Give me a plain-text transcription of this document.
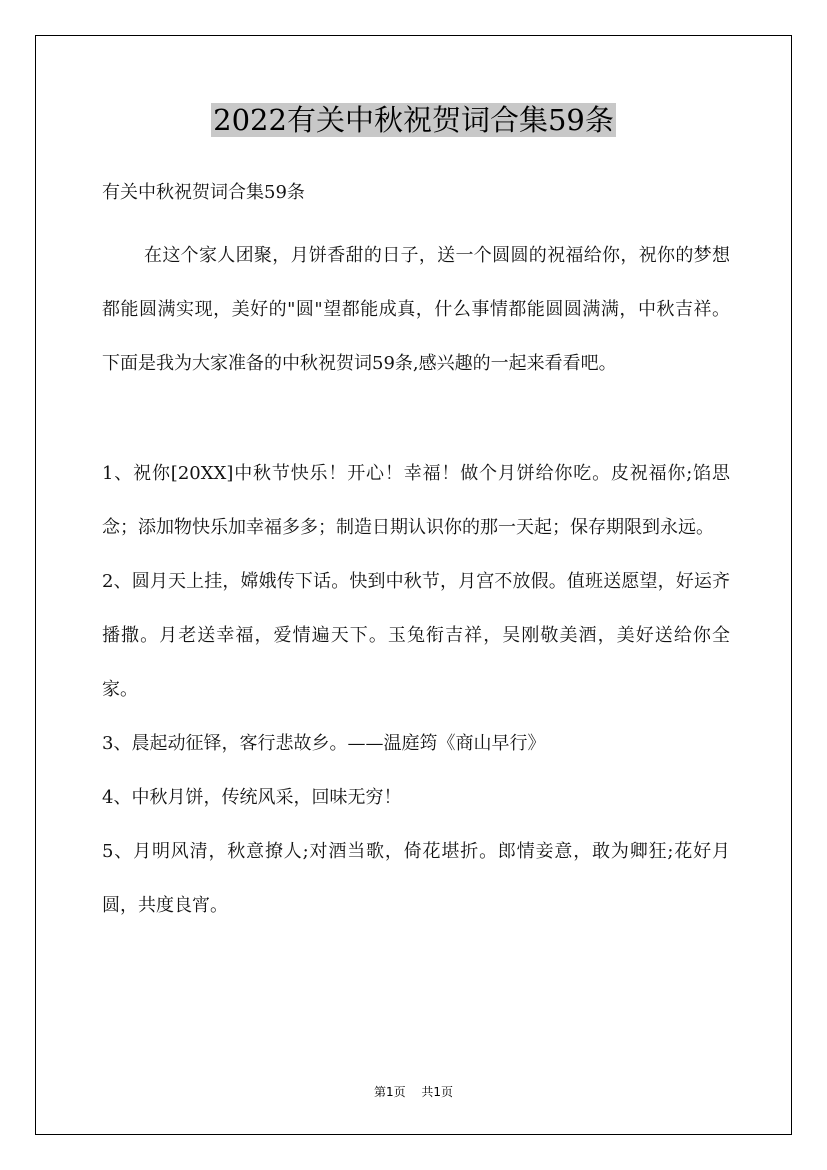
2022有关中秋祝贺词合集59条

有关中秋祝贺词合集59条

在这个家人团聚，月饼香甜的日子，送一个圆圆的祝福给你，祝你的梦想都能圆满实现，美好的"圆"望都能成真，什么事情都能圆圆满满，中秋吉祥。下面是我为大家准备的中秋祝贺词59条,感兴趣的一起来看看吧。

1、祝你[20XX]中秋节快乐！开心！幸福！做个月饼给你吃。皮祝福你;馅思念；添加物快乐加幸福多多；制造日期认识你的那一天起；保存期限到永远。

2、圆月天上挂，嫦娥传下话。快到中秋节，月宫不放假。值班送愿望，好运齐播撒。月老送幸福，爱情遍天下。玉兔衔吉祥，吴刚敬美酒，美好送给你全家。

3、晨起动征铎，客行悲故乡。——温庭筠《商山早行》

4、中秋月饼，传统风采，回味无穷！

5、月明风清，秋意撩人;对酒当歌，倚花堪折。郎情妾意，敢为卿狂;花好月圆，共度良宵。

第1页 共1页
